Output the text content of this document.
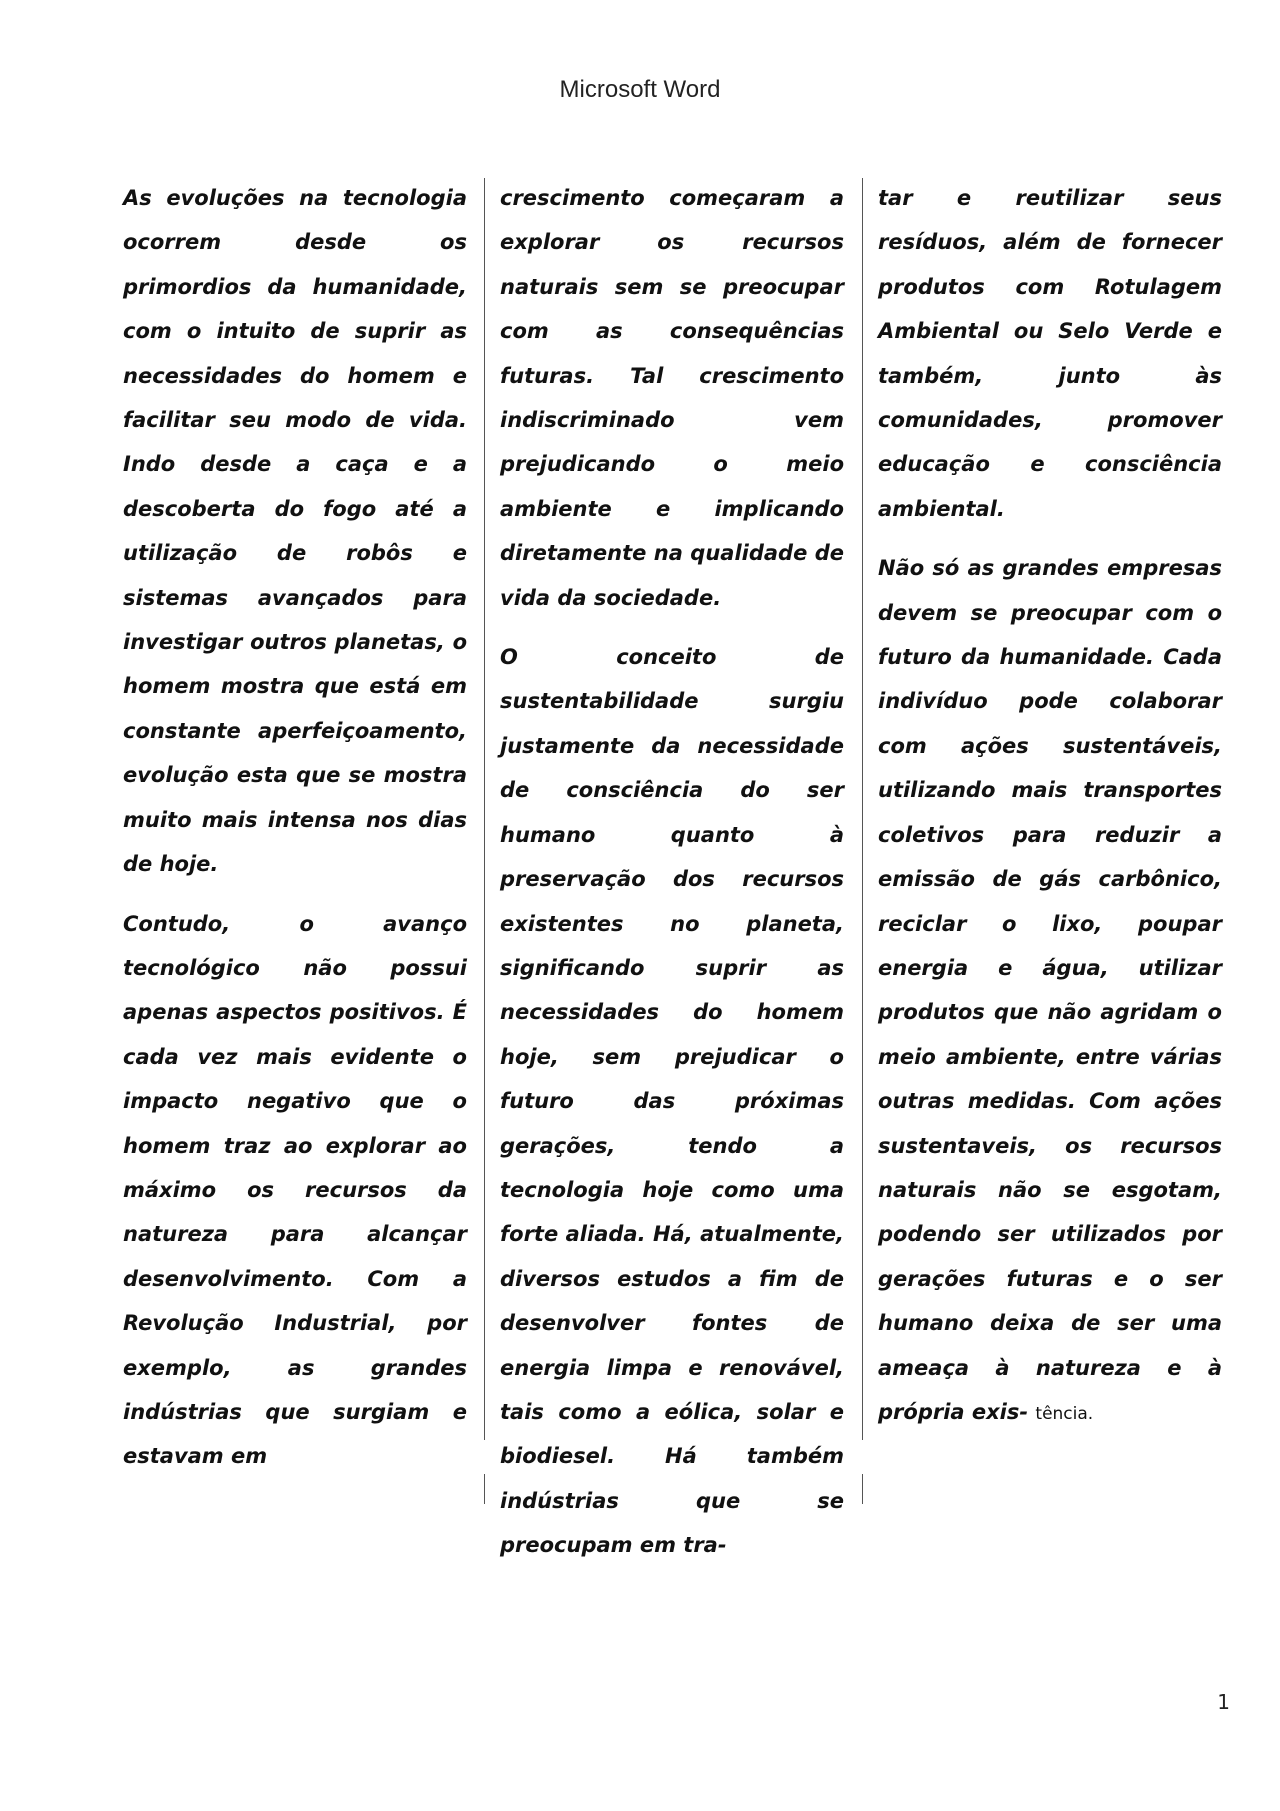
Microsoft Word

As evoluções na tecnologia ocorrem desde os primordios da humanidade, com o intuito de suprir as necessidades do homem e facilitar seu modo de vida. Indo desde a caça e a descoberta do fogo até a utilização de robôs e sistemas avançados para investigar outros planetas, o homem mostra que está em constante aperfeiçoamento, evolução esta que se mostra muito mais intensa nos dias de hoje.

Contudo, o avanço tecnológico não possui apenas aspectos positivos. É cada vez mais evidente o impacto negativo que o homem traz ao explorar ao máximo os recursos da natureza para alcançar desenvolvimento. Com a Revolução Industrial, por exemplo, as grandes indústrias que surgiam e estavam em

crescimento começaram a explorar os recursos naturais sem se preocupar com as consequências futuras. Tal crescimento indiscriminado vem prejudicando o meio ambiente e implicando diretamente na qualidade de vida da sociedade.

O conceito de sustentabilidade surgiu justamente da necessidade de consciência do ser humano quanto à preservação dos recursos existentes no planeta, significando suprir as necessidades do homem hoje, sem prejudicar o futuro das próximas gerações, tendo a tecnologia hoje como uma forte aliada. Há, atualmente, diversos estudos a fim de desenvolver fontes de energia limpa e renovável, tais como a eólica, solar e biodiesel. Há também indústrias que se preocupam em tra-

tar e reutilizar seus resíduos, além de fornecer produtos com Rotulagem Ambiental ou Selo Verde e também, junto às comunidades, promover educação e consciência ambiental.

Não só as grandes empresas devem se preocupar com o futuro da humanidade. Cada indivíduo pode colaborar com ações sustentáveis, utilizando mais transportes coletivos para reduzir a emissão de gás carbônico, reciclar o lixo, poupar energia e água, utilizar produtos que não agridam o meio ambiente, entre várias outras medidas. Com ações sustentaveis, os recursos naturais não se esgotam, podendo ser utilizados por gerações futuras e o ser humano deixa de ser uma ameaça à natureza e à própria exis- tência.

1
